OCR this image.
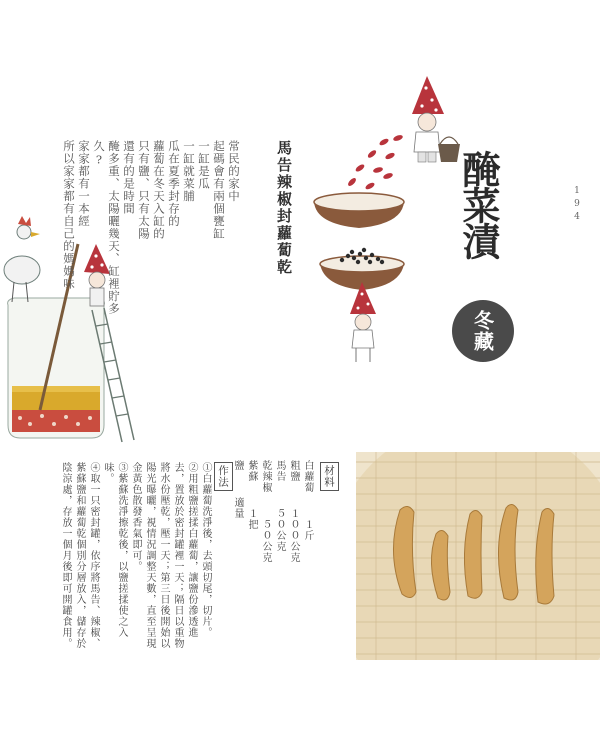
常民的家中
起碼會有兩個甕缸
一缸是瓜
一缸就菜脯
瓜在夏季封存的
蘿蔔在冬天入缸的
只有鹽、只有太陽
還有的是時間
醃多重、太陽曬幾天、缸裡貯多久?
家家都有一本經
所以家家都有自己的媽媽味	馬告辣椒封蘿蔔乾	194
醃菜漬
冬藏
材料
白蘿蔔１斤
粗鹽１００公克
馬告５０公克
乾辣椒５０公克
紫蘇１把
鹽適量
作法
①白蘿蔔洗淨後，去頭切尾，切片。
②用粗鹽搓揉白蘿蔔，讓鹽份滲透進去，置放於密封罐裡一天；隔日以重物將水份壓乾，壓一天；第三日後開始以陽光曝曬，視情況調整天數，直至呈現金黃色散發香氣即可。
③紫蘇洗淨擦乾後，以鹽搓揉使之入味。
④取一只密封罐，依序將馬告、辣椒、紫蘇鹽和蘿蔔乾個別分層放入，儲存於陰涼處，存放一個月後即可開罐食用。
